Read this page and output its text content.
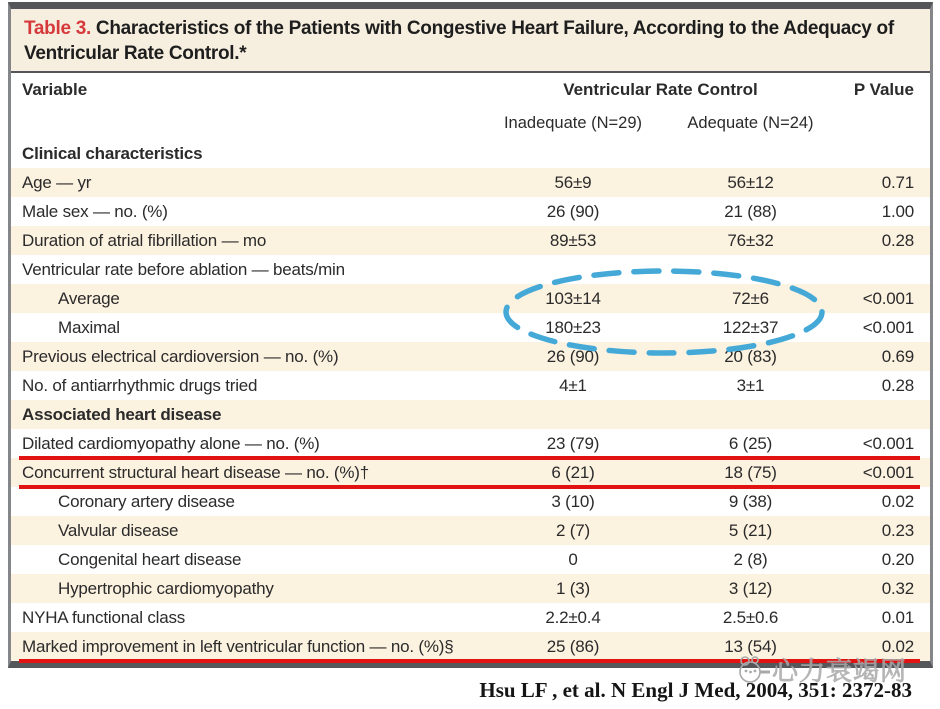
Table 3. Characteristics of the Patients with Congestive Heart Failure, According to the Adequacy of Ventricular Rate Control.*
Variable	Ventricular Rate Control	P Value
Inadequate (N=29)	Adequate (N=24)
Clinical characteristics
Age — yr	56±9	56±12	0.71
Male sex — no. (%)	26 (90)	21 (88)	1.00
Duration of atrial fibrillation — mo	89±53	76±32	0.28
Ventricular rate before ablation — beats/min
Average	103±14	72±6	<0.001
Maximal	180±23	122±37	<0.001
Previous electrical cardioversion — no. (%)	26 (90)	20 (83)	0.69
No. of antiarrhythmic drugs tried	4±1	3±1	0.28
Associated heart disease
Dilated cardiomyopathy alone — no. (%)	23 (79)	6 (25)	<0.001
Concurrent structural heart disease — no. (%)†	6 (21)	18 (75)	<0.001
Coronary artery disease	3 (10)	9 (38)	0.02
Valvular disease	2 (7)	5 (21)	0.23
Congenital heart disease	0	2 (8)	0.20
Hypertrophic cardiomyopathy	1 (3)	3 (12)	0.32
NYHA functional class	2.2±0.4	2.5±0.6	0.01
Marked improvement in left ventricular function — no. (%)§	25 (86)	13 (54)	0.02
心力衰竭网
Hsu LF , et al. N Engl J Med, 2004, 351: 2372-83
